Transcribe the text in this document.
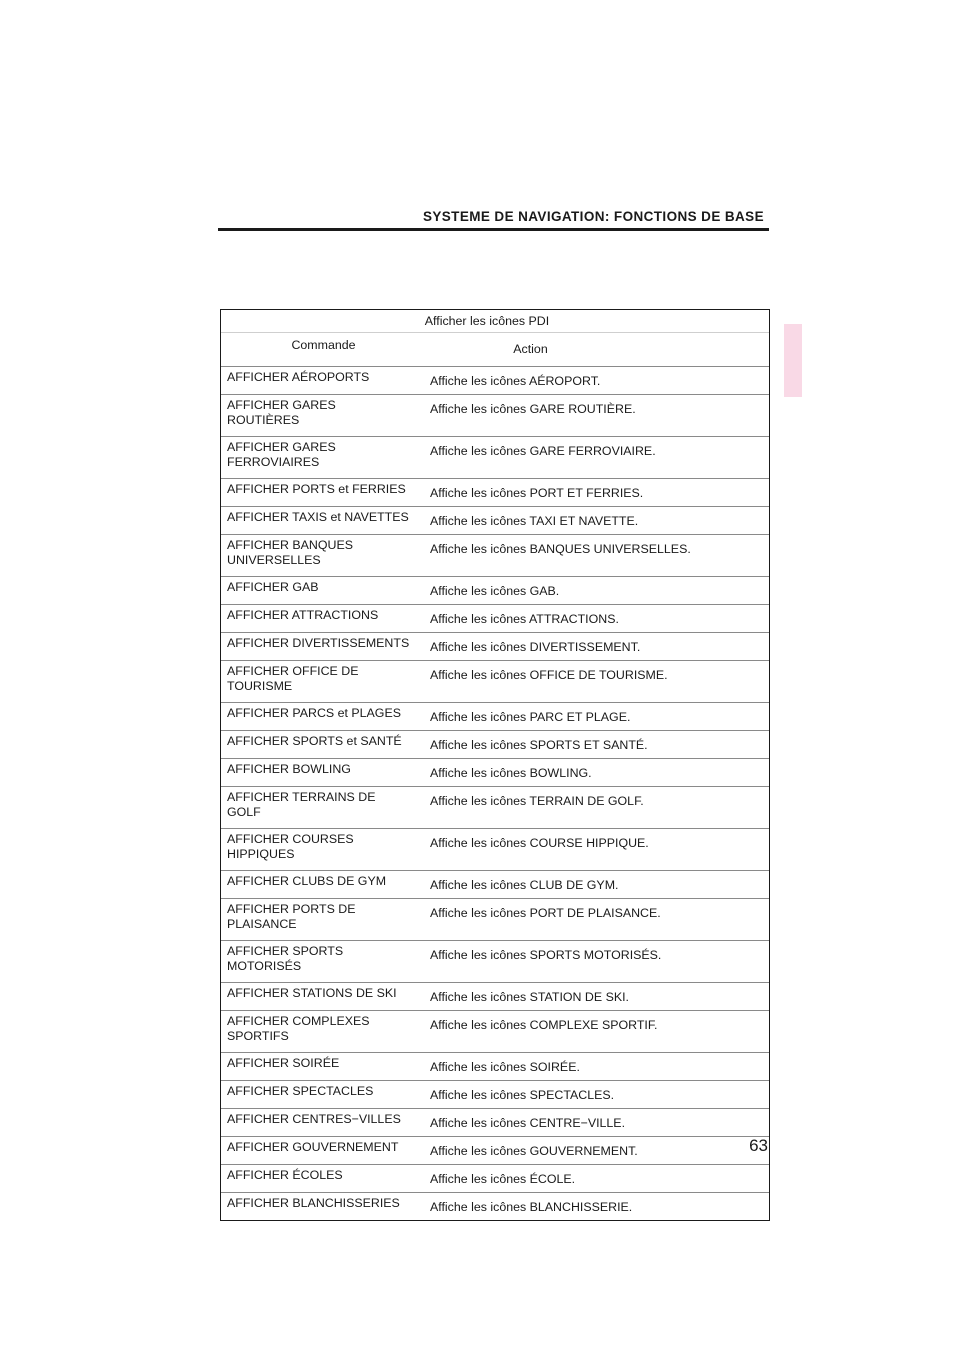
SYSTEME DE NAVIGATION: FONCTIONS DE BASE
Afficher les icônes PDI	
Commande	Action
AFFICHER AÉROPORTS	Affiche les icônes AÉROPORT.
AFFICHER GARES
ROUTIÈRES	Affiche les icônes GARE ROUTIÈRE.
AFFICHER GARES
FERROVIAIRES	Affiche les icônes GARE FERROVIAIRE.
AFFICHER PORTS et FERRIES	Affiche les icônes PORT ET FERRIES.
AFFICHER TAXIS et NAVETTES	Affiche les icônes TAXI ET NAVETTE.
AFFICHER BANQUES
UNIVERSELLES	Affiche les icônes BANQUES UNIVERSELLES.
AFFICHER GAB	Affiche les icônes GAB.
AFFICHER ATTRACTIONS	Affiche les icônes ATTRACTIONS.
AFFICHER DIVERTISSEMENTS	Affiche les icônes DIVERTISSEMENT.
AFFICHER OFFICE DE
TOURISME	Affiche les icônes OFFICE DE TOURISME.
AFFICHER PARCS et PLAGES	Affiche les icônes PARC ET PLAGE.
AFFICHER SPORTS et SANTÉ	Affiche les icônes SPORTS ET SANTÉ.
AFFICHER BOWLING	Affiche les icônes BOWLING.
AFFICHER TERRAINS DE
GOLF	Affiche les icônes TERRAIN DE GOLF.
AFFICHER COURSES
HIPPIQUES	Affiche les icônes COURSE HIPPIQUE.
AFFICHER CLUBS DE GYM	Affiche les icônes CLUB DE GYM.
AFFICHER PORTS DE
PLAISANCE	Affiche les icônes PORT DE PLAISANCE.
AFFICHER SPORTS
MOTORISÉS	Affiche les icônes SPORTS MOTORISÉS.
AFFICHER STATIONS DE SKI	Affiche les icônes STATION DE SKI.
AFFICHER COMPLEXES
SPORTIFS	Affiche les icônes COMPLEXE SPORTIF.
AFFICHER SOIRÉE	Affiche les icônes SOIRÉE.
AFFICHER SPECTACLES	Affiche les icônes SPECTACLES.
AFFICHER CENTRES−VILLES	Affiche les icônes CENTRE−VILLE.
AFFICHER GOUVERNEMENT	Affiche les icônes GOUVERNEMENT.
AFFICHER ÉCOLES	Affiche les icônes ÉCOLE.
AFFICHER BLANCHISSERIES	Affiche les icônes BLANCHISSERIE.
63
